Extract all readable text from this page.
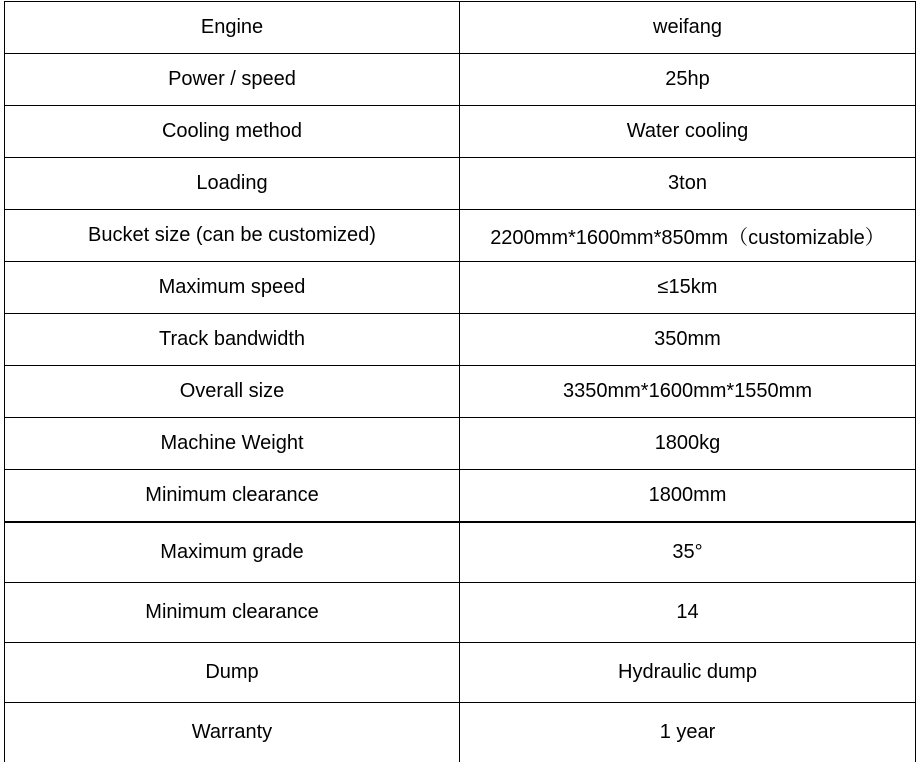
Engine	weifang
Power / speed	25hp
Cooling method	Water cooling
Loading	3ton
Bucket size (can be customized)	2200mm*1600mm*850mm（customizable）
Maximum speed	≤15km
Track bandwidth	350mm
Overall size	3350mm*1600mm*1550mm
Machine Weight	1800kg
Minimum clearance	1800mm
Maximum grade	35°
Minimum clearance	14
Dump	Hydraulic dump
Warranty	1 year
